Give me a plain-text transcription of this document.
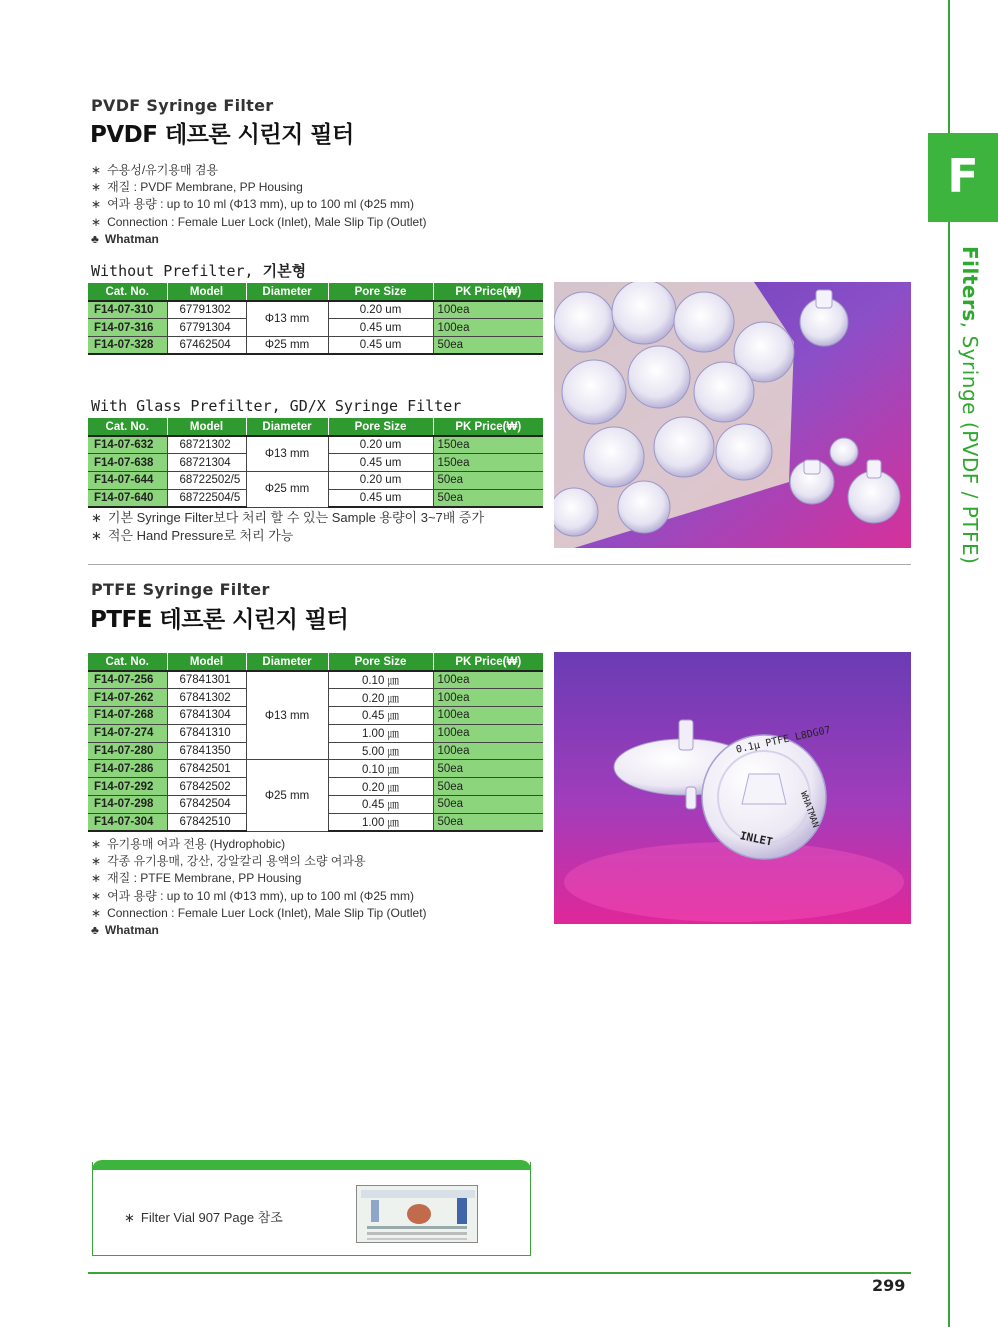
F
Filters, Syringe (PVDF / PTFE)
PVDF Syringe Filter
PVDF 테프론 시린지 필터
∗ 수용성/유기용매 겸용
∗ 재질 : PVDF Membrane, PP Housing
∗ 여과 용량 : up to 10 ml (Φ13 mm), up to 100 ml (Φ25 mm)
∗ Connection : Female Luer Lock (Inlet), Male Slip Tip (Outlet)
♣ Whatman
Without Prefilter, 기본형
Cat. No.	Model	Diameter	Pore Size	PK Price(₩)
F14-07-310	67791302	Φ13 mm	0.20 um	100ea
F14-07-316	67791304		0.45 um	100ea
F14-07-328	67462504	Φ25 mm	0.45 um	50ea
With Glass Prefilter, GD/X Syringe Filter
Cat. No.	Model	Diameter	Pore Size	PK Price(₩)
F14-07-632	68721302	Φ13 mm	0.20 um	150ea
F14-07-638	68721304		0.45 um	150ea
F14-07-644	68722502/5	Φ25 mm	0.20 um	50ea
F14-07-640	68722504/5		0.45 um	50ea
∗ 기본 Syringe Filter보다 처리 할 수 있는 Sample 용량이 3~7배 증가
∗ 적은 Hand Pressure로 처리 가능
PTFE Syringe Filter
PTFE 테프론 시린지 필터
Cat. No.	Model	Diameter	Pore Size	PK Price(₩)
F14-07-256	67841301	Φ13 mm	0.10 ㎛	100ea
F14-07-262	67841302		0.20 ㎛	100ea
F14-07-268	67841304		0.45 ㎛	100ea
F14-07-274	67841310		1.00 ㎛	100ea
F14-07-280	67841350		5.00 ㎛	100ea
F14-07-286	67842501	Φ25 mm	0.10 ㎛	50ea
F14-07-292	67842502		0.20 ㎛	50ea
F14-07-298	67842504		0.45 ㎛	50ea
F14-07-304	67842510		1.00 ㎛	50ea
∗ 유기용매 여과 전용 (Hydrophobic)
∗ 각종 유기용매, 강산, 강알칼리 용액의 소량 여과용
∗ 재질 : PTFE Membrane, PP Housing
∗ 여과 용량 : up to 10 ml (Φ13 mm), up to 100 ml (Φ25 mm)
∗ Connection : Female Luer Lock (Inlet), Male Slip Tip (Outlet)
♣ Whatman
0.1μ PTFE L8DG07
WHATMAN
INLET
∗ Filter Vial 907 Page 참조
299
